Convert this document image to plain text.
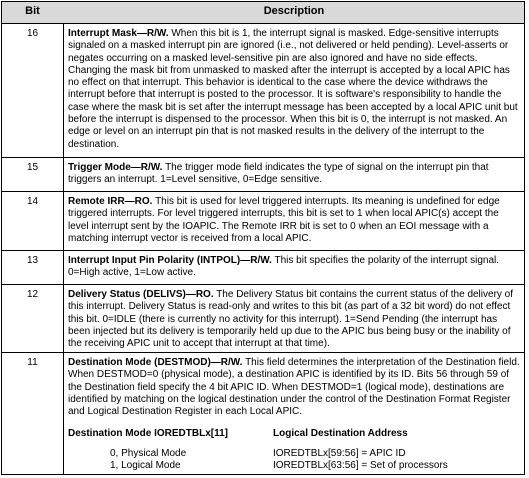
Bit	Description
16	Interrupt Mask—R/W. When this bit is 1, the interrupt signal is masked. Edge-sensitive interrupts signaled on a masked interrupt pin are ignored (i.e., not delivered or held pending). Level-asserts or negates occurring on a masked level-sensitive pin are also ignored and have no side effects. Changing the mask bit from unmasked to masked after the interrupt is accepted by a local APIC has no effect on that interrupt. This behavior is identical to the case where the device withdraws the interrupt before that interrupt is posted to the processor. It is software's responsibility to handle the case where the mask bit is set after the interrupt message has been accepted by a local APIC unit but before the interrupt is dispensed to the processor. When this bit is 0, the interrupt is not masked. An edge or level on an interrupt pin that is not masked results in the delivery of the interrupt to the destination.
15	Trigger Mode—R/W. The trigger mode field indicates the type of signal on the interrupt pin that triggers an interrupt. 1=Level sensitive, 0=Edge sensitive.
14	Remote IRR—RO. This bit is used for level triggered interrupts. Its meaning is undefined for edge triggered interrupts. For level triggered interrupts, this bit is set to 1 when local APIC(s) accept the level interrupt sent by the IOAPIC. The Remote IRR bit is set to 0 when an EOI message with a matching interrupt vector is received from a local APIC.
13	Interrupt Input Pin Polarity (INTPOL)—R/W. This bit specifies the polarity of the interrupt signal. 0=High active, 1=Low active.
12	Delivery Status (DELIVS)—RO. The Delivery Status bit contains the current status of the delivery of this interrupt. Delivery Status is read-only and writes to this bit (as part of a 32 bit word) do not effect this bit. 0=IDLE (there is currently no activity for this interrupt). 1=Send Pending (the interrupt has been injected but its delivery is temporarily held up due to the APIC bus being busy or the inability of the receiving APIC unit to accept that interrupt at that time).
11	Destination Mode (DESTMOD)—R/W. This field determines the interpretation of the Destination field. When DESTMOD=0 (physical mode), a destination APIC is identified by its ID. Bits 56 through 59 of the Destination field specify the 4 bit APIC ID. When DESTMOD=1 (logical mode), destinations are identified by matching on the logical destination under the control of the Destination Format Register and Logical Destination Register in each Local APIC.
Destination Mode IOREDTBLx[11]	Logical Destination Address
0, Physical Mode	IOREDTBLx[59:56] = APIC ID
1, Logical Mode	IOREDTBLx[63:56] = Set of processors
